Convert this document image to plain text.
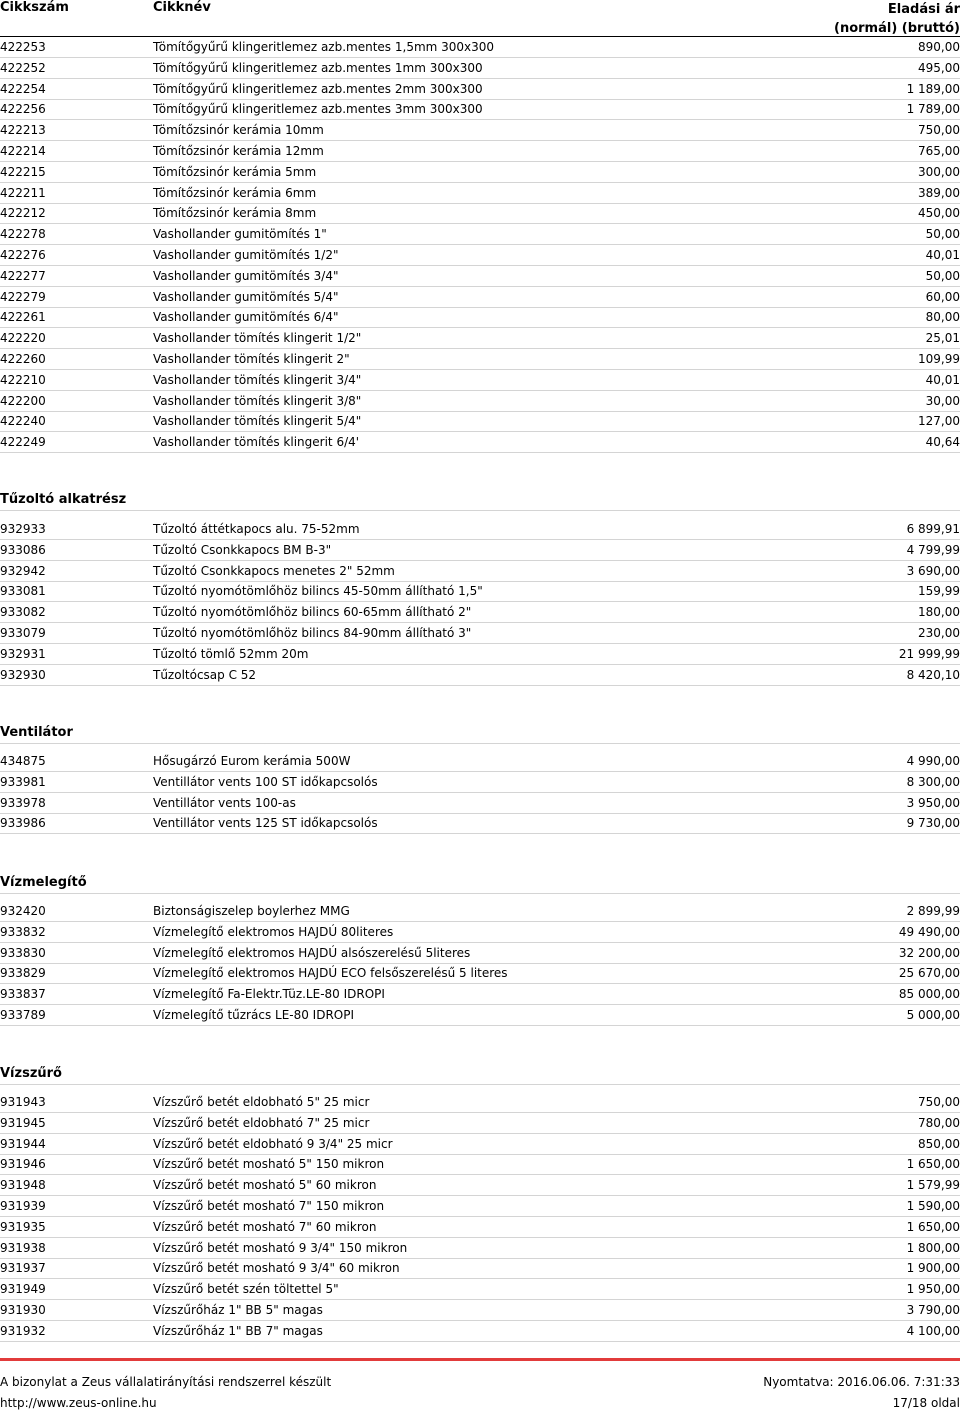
Cikkszám	Cikknév	Eladási ár
(normál) (bruttó)
422253	Tömítőgyűrű klingeritlemez azb.mentes 1,5mm 300x300	890,00
422252	Tömítőgyűrű klingeritlemez azb.mentes 1mm 300x300	495,00
422254	Tömítőgyűrű klingeritlemez azb.mentes 2mm 300x300	1 189,00
422256	Tömítőgyűrű klingeritlemez azb.mentes 3mm 300x300	1 789,00
422213	Tömítőzsinór kerámia 10mm	750,00
422214	Tömítőzsinór kerámia 12mm	765,00
422215	Tömítőzsinór kerámia 5mm	300,00
422211	Tömítőzsinór kerámia 6mm	389,00
422212	Tömítőzsinór kerámia 8mm	450,00
422278	Vashollander gumitömítés 1"	50,00
422276	Vashollander gumitömítés 1/2"	40,01
422277	Vashollander gumitömítés 3/4"	50,00
422279	Vashollander gumitömítés 5/4"	60,00
422261	Vashollander gumitömítés 6/4"	80,00
422220	Vashollander tömítés klingerit 1/2"	25,01
422260	Vashollander tömítés klingerit 2"	109,99
422210	Vashollander tömítés klingerit 3/4"	40,01
422200	Vashollander tömítés klingerit 3/8"	30,00
422240	Vashollander tömítés klingerit 5/4"	127,00
422249	Vashollander tömítés klingerit 6/4'	40,64
Tűzoltó alkatrész
932933	Tűzoltó áttétkapocs alu. 75-52mm	6 899,91
933086	Tűzoltó Csonkkapocs BM B-3"	4 799,99
932942	Tűzoltó Csonkkapocs menetes 2" 52mm	3 690,00
933081	Tűzoltó nyomótömlőhöz bilincs 45-50mm állítható 1,5"	159,99
933082	Tűzoltó nyomótömlőhöz bilincs 60-65mm állítható 2"	180,00
933079	Tűzoltó nyomótömlőhöz bilincs 84-90mm állítható 3"	230,00
932931	Tűzoltó tömlő 52mm 20m	21 999,99
932930	Tűzoltócsap C 52	8 420,10
Ventilátor
434875	Hősugárzó Eurom kerámia 500W	4 990,00
933981	Ventillátor vents 100 ST időkapcsolós	8 300,00
933978	Ventillátor vents 100-as	3 950,00
933986	Ventillátor vents 125 ST időkapcsolós	9 730,00
Vízmelegítő
932420	Biztonságiszelep boylerhez MMG	2 899,99
933832	Vízmelegítő elektromos HAJDÚ 80literes	49 490,00
933830	Vízmelegítő elektromos HAJDÚ alsószerelésű 5literes	32 200,00
933829	Vízmelegítő elektromos HAJDÚ ECO felsőszerelésű 5 literes	25 670,00
933837	Vízmelegítő Fa-Elektr.Tüz.LE-80 IDROPI	85 000,00
933789	Vízmelegítő tűzrács LE-80 IDROPI	5 000,00
Vízszűrő
931943	Vízszűrő betét eldobható 5" 25 micr	750,00
931945	Vízszűrő betét eldobható 7" 25 micr	780,00
931944	Vízszűrő betét eldobható 9 3/4" 25 micr	850,00
931946	Vízszűrő betét mosható 5" 150 mikron	1 650,00
931948	Vízszűrő betét mosható 5" 60 mikron	1 579,99
931939	Vízszűrő betét mosható 7" 150 mikron	1 590,00
931935	Vízszűrő betét mosható 7" 60 mikron	1 650,00
931938	Vízszűrő betét mosható 9 3/4" 150 mikron	1 800,00
931937	Vízszűrő betét mosható 9 3/4" 60 mikron	1 900,00
931949	Vízszűrő betét szén töltettel 5"	1 950,00
931930	Vízszűrőház 1" BB 5" magas	3 790,00
931932	Vízszűrőház 1" BB 7" magas	4 100,00
A bizonylat a Zeus vállalatirányítási rendszerrel készült	Nyomtatva: 2016.06.06. 7:31:33
http://www.zeus-online.hu	17/18 oldal
